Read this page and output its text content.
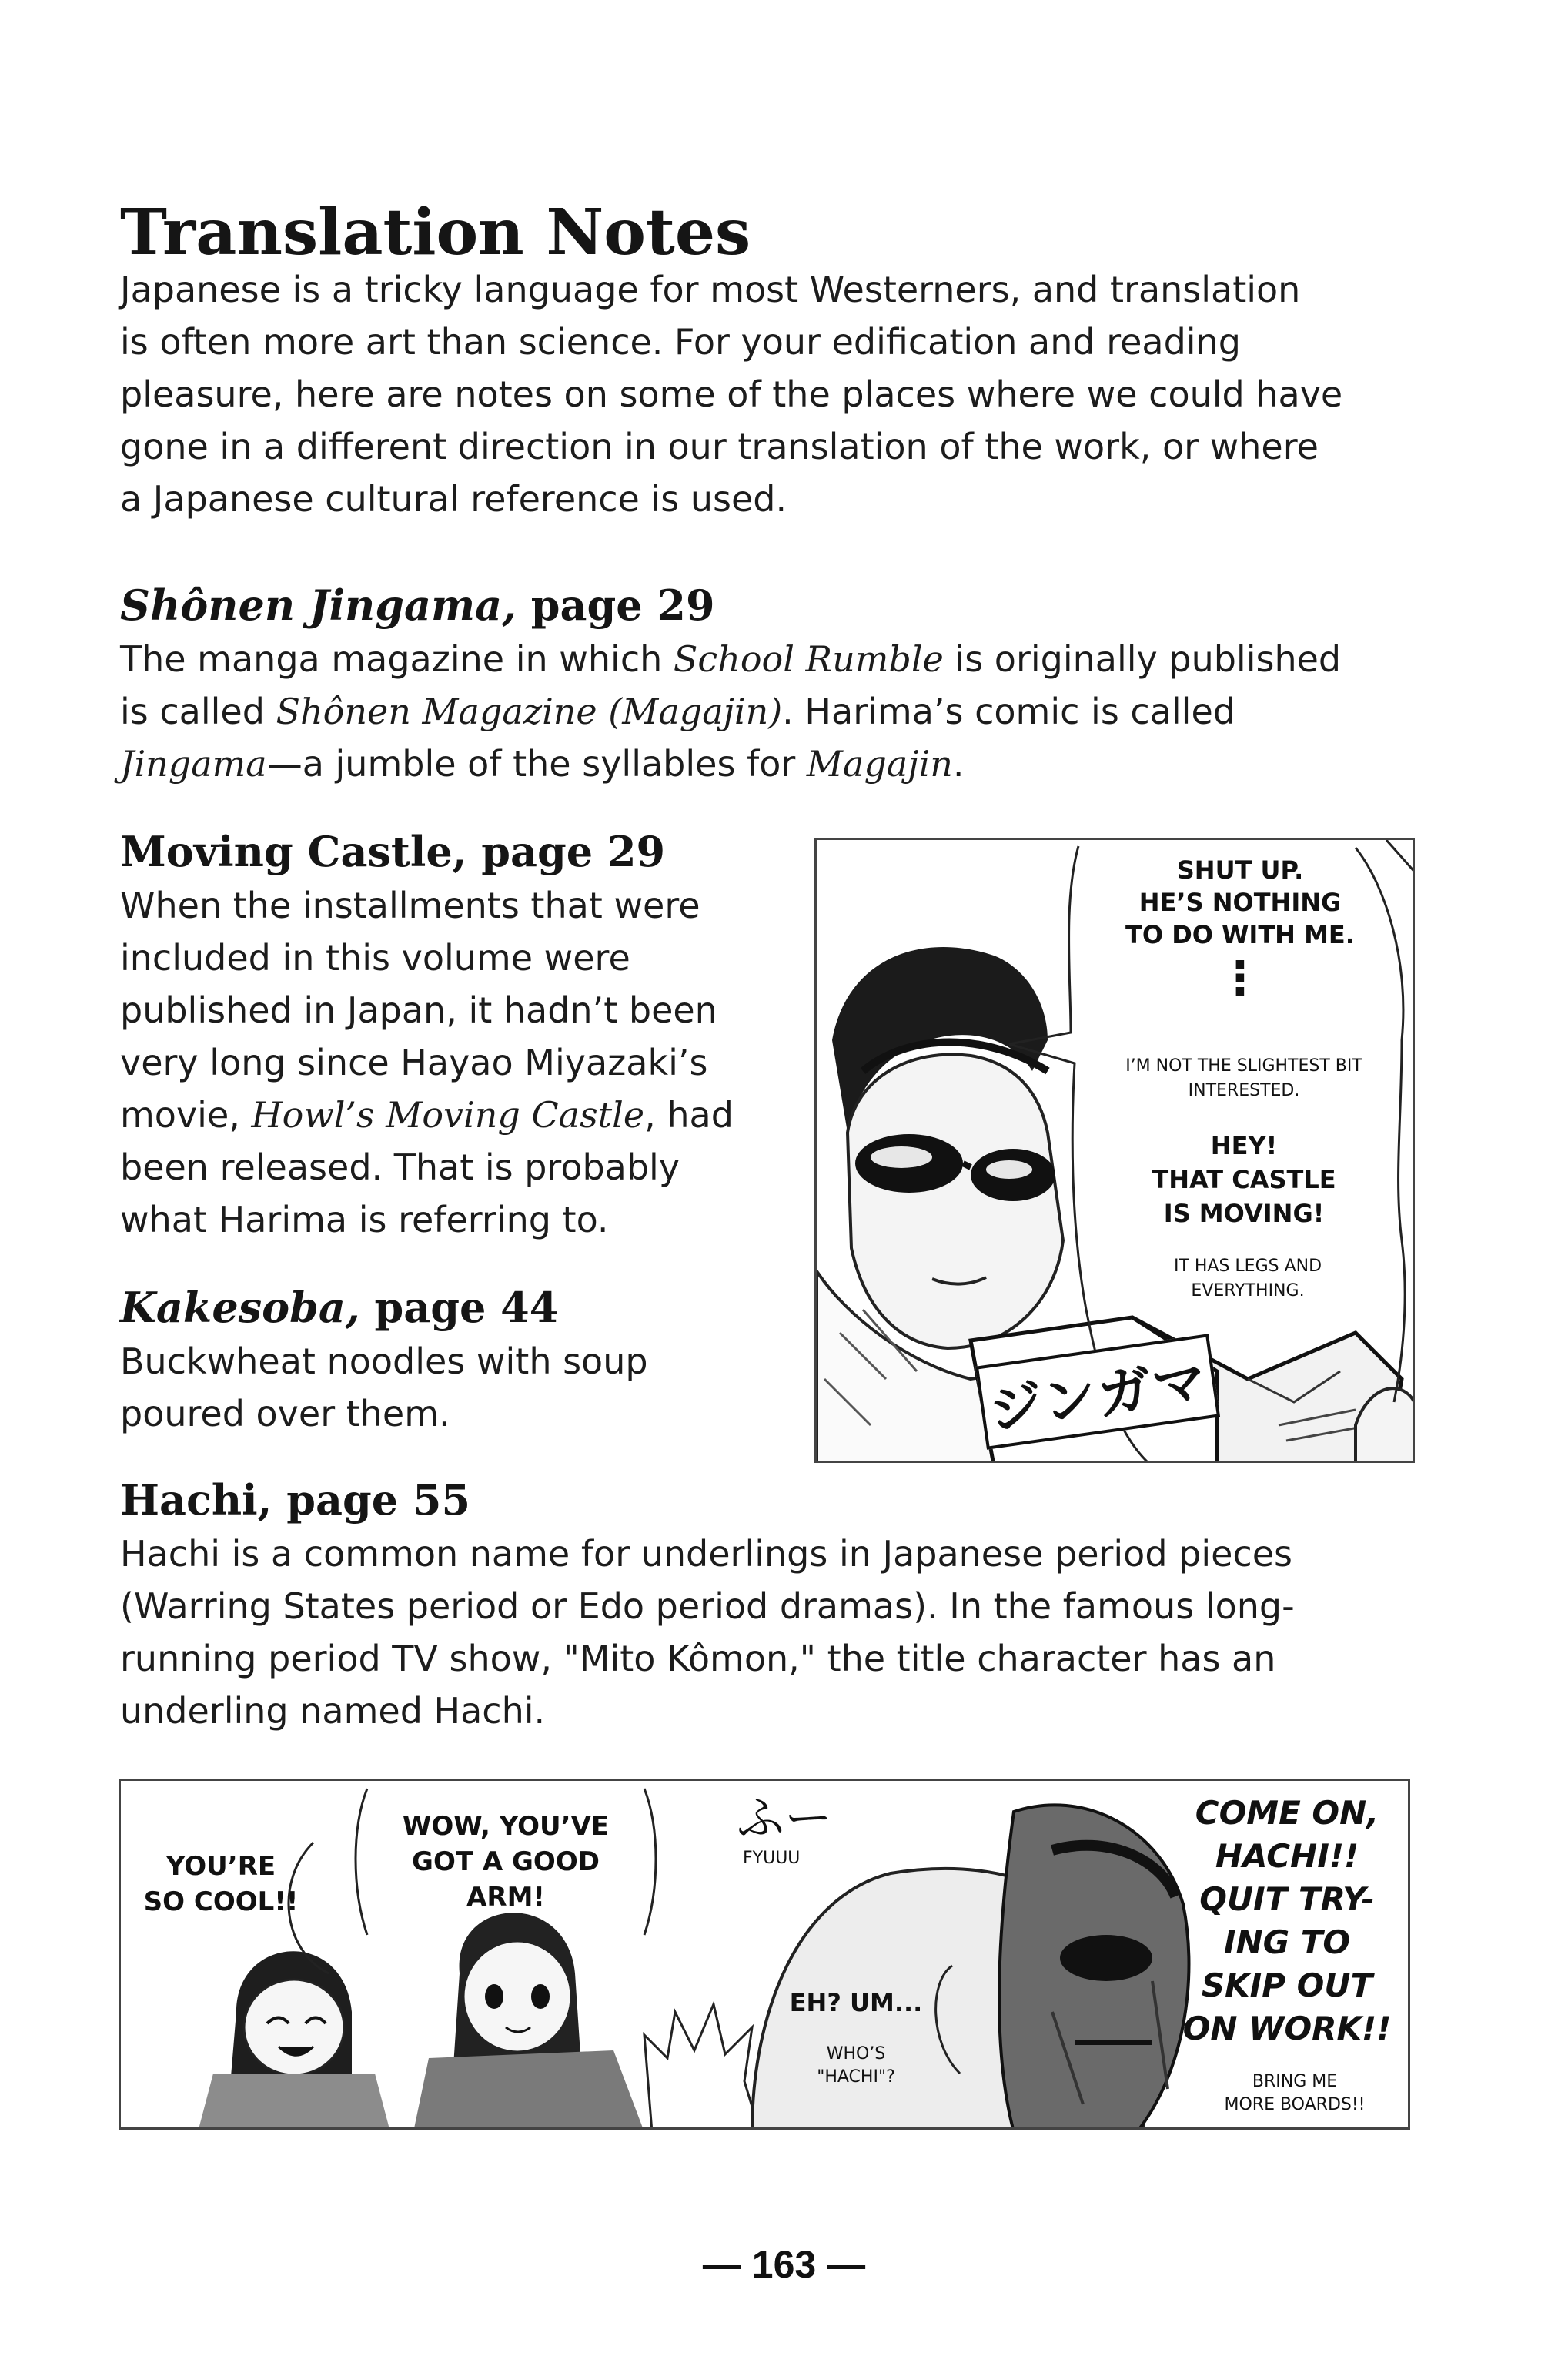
Translation Notes
Japanese is a tricky language for most Westerners, and translation
is often more art than science. For your edification and reading
pleasure, here are notes on some of the places where we could have
gone in a different direction in our translation of the work, or where
a Japanese cultural reference is used.
Shônen Jingama, page 29
The manga magazine in which School Rumble is originally published
is called Shônen Magazine (Magajin). Harima’s comic is called
Jingama—a jumble of the syllables for Magajin.
Moving Castle, page 29
When the installments that were
included in this volume were
published in Japan, it hadn’t been
very long since Hayao Miyazaki’s
movie, Howl’s Moving Castle, had
been released. That is probably
what Harima is referring to.
Kakesoba, page 44
Buckwheat noodles with soup
poured over them.	ジンガマ
SHUT UP.
HE’S NOTHING
TO DO WITH ME.
⋮
I’M NOT THE SLIGHTEST BIT
INTERESTED.
HEY!
THAT CASTLE
IS MOVING!
IT HAS LEGS AND
EVERYTHING.
Hachi, page 55
Hachi is a common name for underlings in Japanese period pieces
(Warring States period or Edo period dramas). In the famous long-
running period TV show, "Mito Kômon," the title character has an
underling named Hachi.
YOU’RE
SO COOL!!
WOW, YOU’VE
GOT A GOOD
ARM!
ふー
FYUUU
EH? UM...
WHO’S
"HACHI"?
COME ON,
HACHI!!
QUIT TRY-
ING TO
SKIP OUT
ON WORK!!
BRING ME
MORE BOARDS!!
— 163 —
